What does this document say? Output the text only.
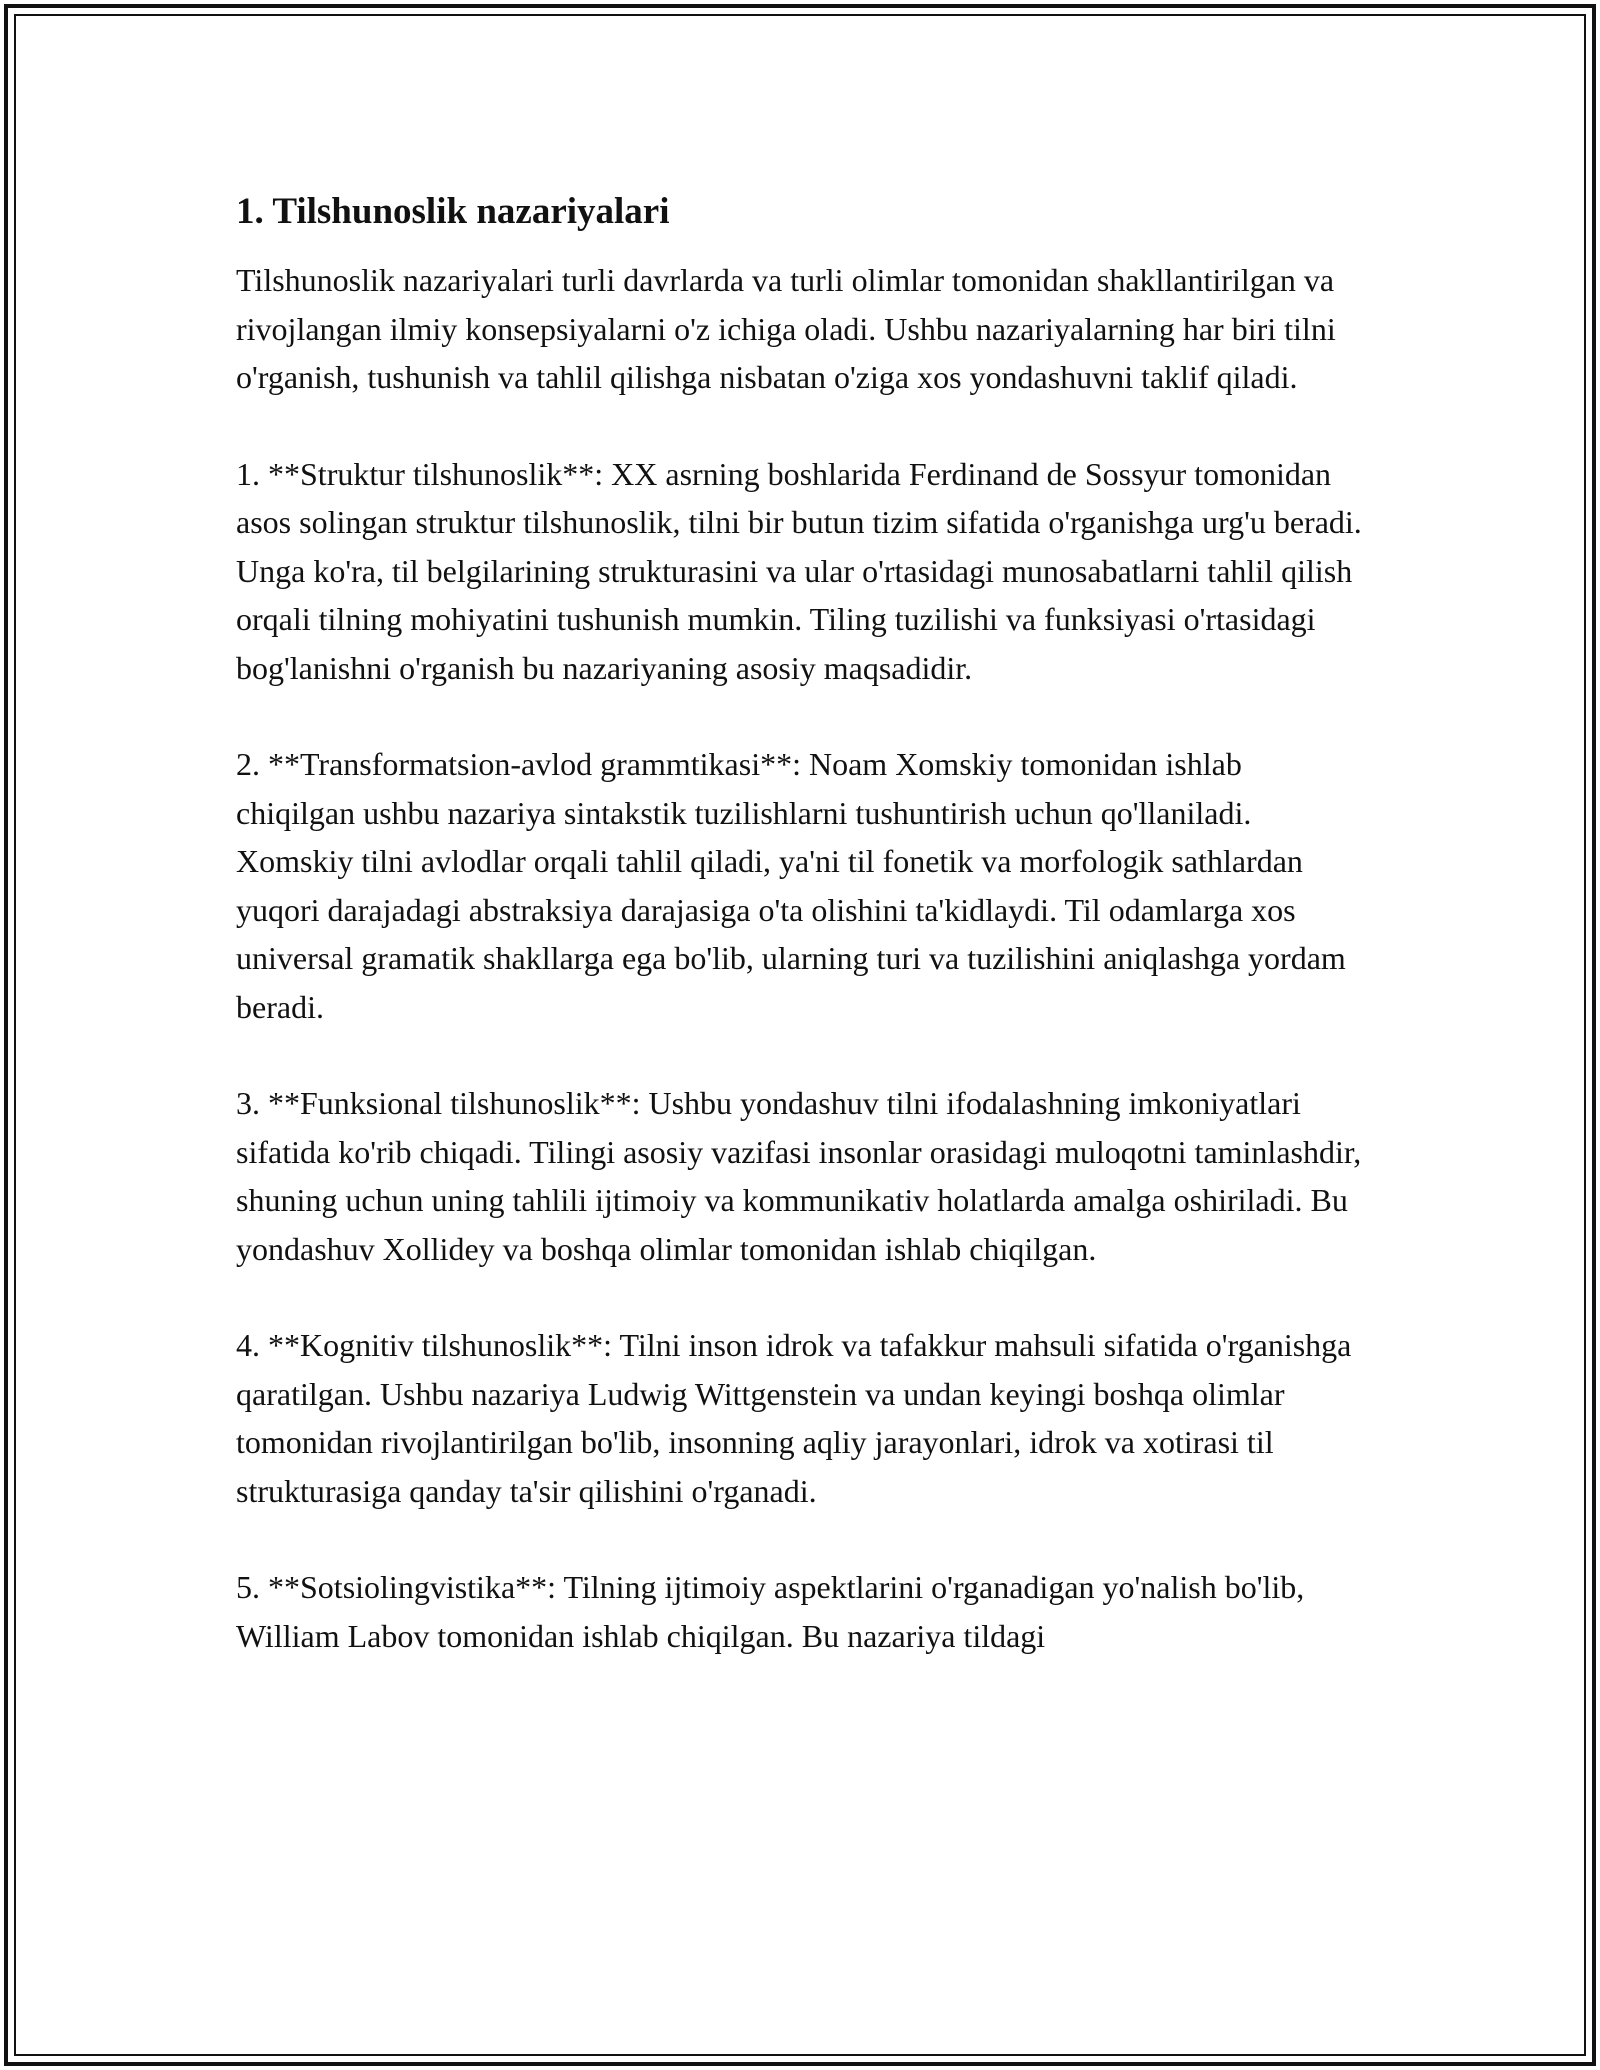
1. Tilshunoslik nazariyalari

Tilshunoslik nazariyalari turli davrlarda va turli olimlar tomonidan shakllantirilgan va rivojlangan ilmiy konsepsiyalarni o'z ichiga oladi. Ushbu nazariyalarning har biri tilni o'rganish, tushunish va tahlil qilishga nisbatan o'ziga xos yondashuvni taklif qiladi.

1. **Struktur tilshunoslik**: XX asrning boshlarida Ferdinand de Sossyur tomonidan asos solingan struktur tilshunoslik, tilni bir butun tizim sifatida o'rganishga urg'u beradi. Unga ko'ra, til belgilarining strukturasini va ular o'rtasidagi munosabatlarni tahlil qilish orqali tilning mohiyatini tushunish mumkin. Tiling tuzilishi va funksiyasi o'rtasidagi bog'lanishni o'rganish bu nazariyaning asosiy maqsadidir.

2. **Transformatsion-avlod grammtikasi**: Noam Xomskiy tomonidan ishlab chiqilgan ushbu nazariya sintakstik tuzilishlarni tushuntirish uchun qo'llaniladi. Xomskiy tilni avlodlar orqali tahlil qiladi, ya'ni til fonetik va morfologik sathlardan yuqori darajadagi abstraksiya darajasiga o'ta olishini ta'kidlaydi. Til odamlarga xos universal gramatik shakllarga ega bo'lib, ularning turi va tuzilishini aniqlashga yordam beradi.

3. **Funksional tilshunoslik**: Ushbu yondashuv tilni ifodalashning imkoniyatlari sifatida ko'rib chiqadi. Tilingi asosiy vazifasi insonlar orasidagi muloqotni taminlashdir, shuning uchun uning tahlili ijtimoiy va kommunikativ holatlarda amalga oshiriladi. Bu yondashuv Xollidey va boshqa olimlar tomonidan ishlab chiqilgan.

4. **Kognitiv tilshunoslik**: Tilni inson idrok va tafakkur mahsuli sifatida o'rganishga qaratilgan. Ushbu nazariya Ludwig Wittgenstein va undan keyingi boshqa olimlar tomonidan rivojlantirilgan bo'lib, insonning aqliy jarayonlari, idrok va xotirasi til strukturasiga qanday ta'sir qilishini o'rganadi.

5. **Sotsiolingvistika**: Tilning ijtimoiy aspektlarini o'rganadigan yo'nalish bo'lib, William Labov tomonidan ishlab chiqilgan. Bu nazariya tildagi
